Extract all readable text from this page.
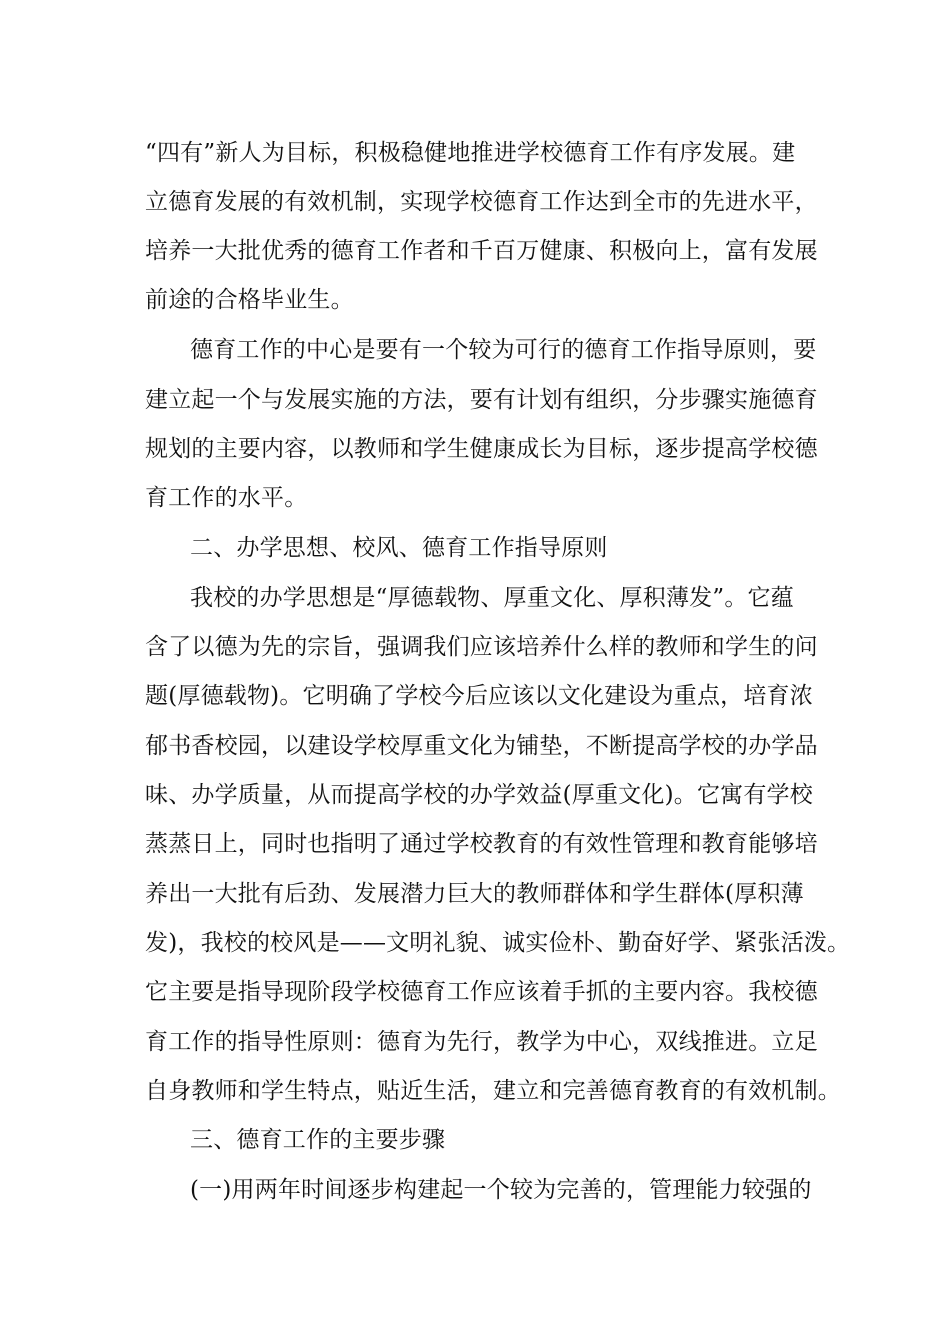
“四有”新人为目标，积极稳健地推进学校德育工作有序发展。建
立德育发展的有效机制，实现学校德育工作达到全市的先进水平，
培养一大批优秀的德育工作者和千百万健康、积极向上，富有发展
前途的合格毕业生。
德育工作的中心是要有一个较为可行的德育工作指导原则，要
建立起一个与发展实施的方法，要有计划有组织，分步骤实施德育
规划的主要内容，以教师和学生健康成长为目标，逐步提高学校德
育工作的水平。
二、办学思想、校风、德育工作指导原则
我校的办学思想是“厚德载物、厚重文化、厚积薄发”。它蕴
含了以德为先的宗旨，强调我们应该培养什么样的教师和学生的问
题(厚德载物)。它明确了学校今后应该以文化建设为重点，培育浓
郁书香校园，以建设学校厚重文化为铺垫，不断提高学校的办学品
味、办学质量，从而提高学校的办学效益(厚重文化)。它寓有学校
蒸蒸日上，同时也指明了通过学校教育的有效性管理和教育能够培
养出一大批有后劲、发展潜力巨大的教师群体和学生群体(厚积薄
发)，我校的校风是——文明礼貌、诚实俭朴、勤奋好学、紧张活泼。
它主要是指导现阶段学校德育工作应该着手抓的主要内容。我校德
育工作的指导性原则：德育为先行，教学为中心，双线推进。立足
自身教师和学生特点，贴近生活，建立和完善德育教育的有效机制。
三、德育工作的主要步骤
(一)用两年时间逐步构建起一个较为完善的，管理能力较强的
